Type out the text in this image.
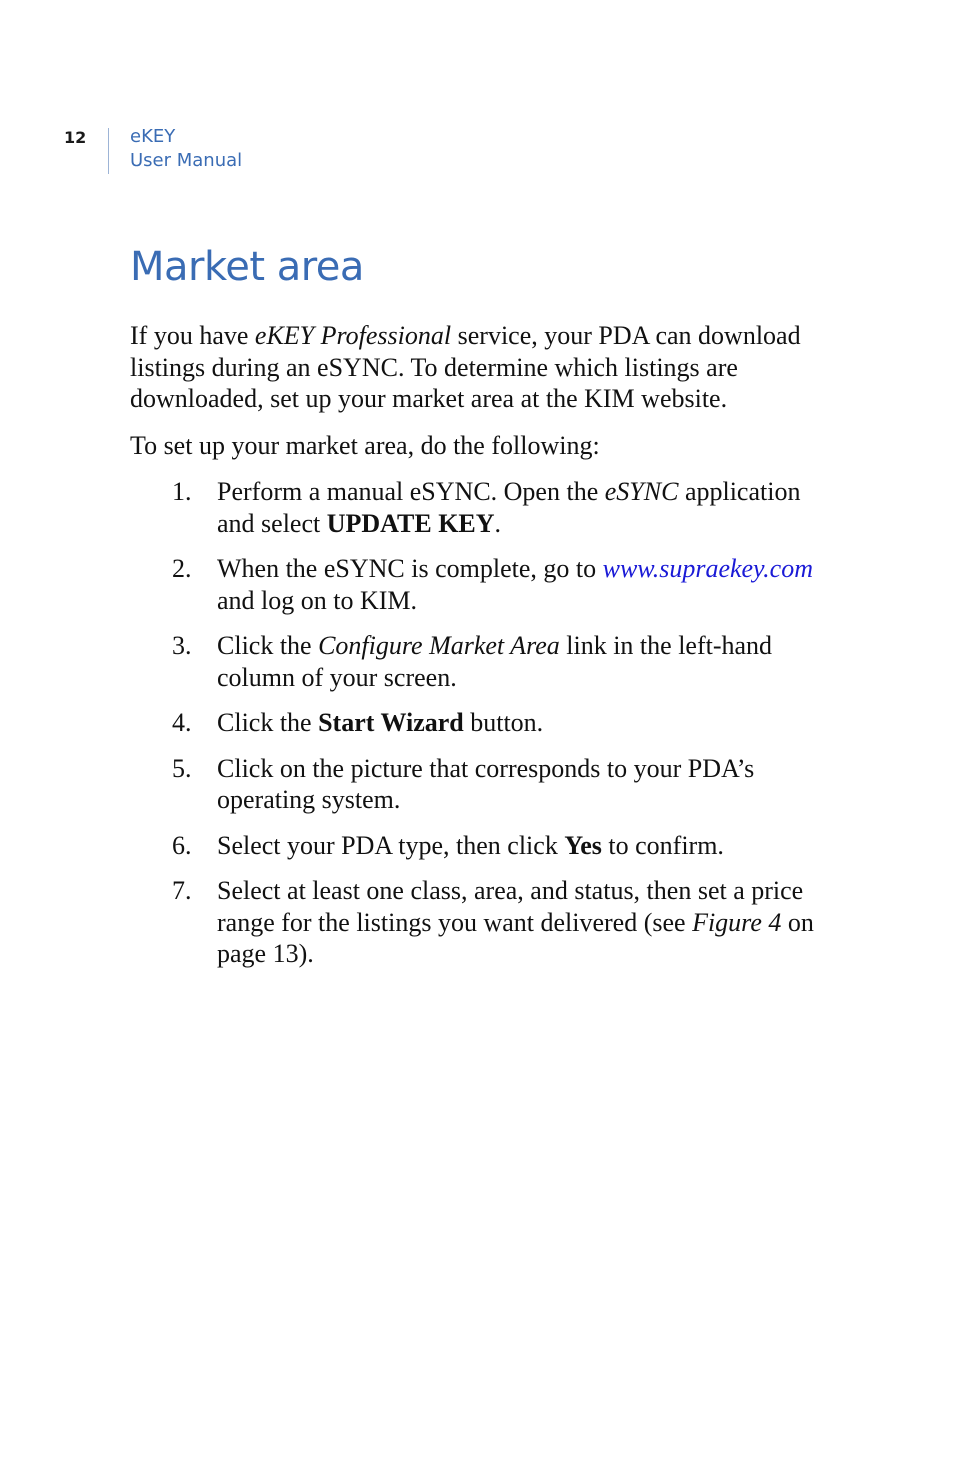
12 eKEY
User Manual
Market area

If you have eKEY Professional service, your PDA can download listings during an eSYNC. To determine which listings are downloaded, set up your market area at the KIM website.

To set up your market area, do the following:

1. Perform a manual eSYNC. Open the eSYNC application and select UPDATE KEY.
2. When the eSYNC is complete, go to www.supraekey.com and log on to KIM.
3. Click the Configure Market Area link in the left-hand column of your screen.
4. Click the Start Wizard button.
5. Click on the picture that corresponds to your PDA’s operating system.
6. Select your PDA type, then click Yes to confirm.
7. Select at least one class, area, and status, then set a price range for the listings you want delivered (see Figure 4 on page 13).
